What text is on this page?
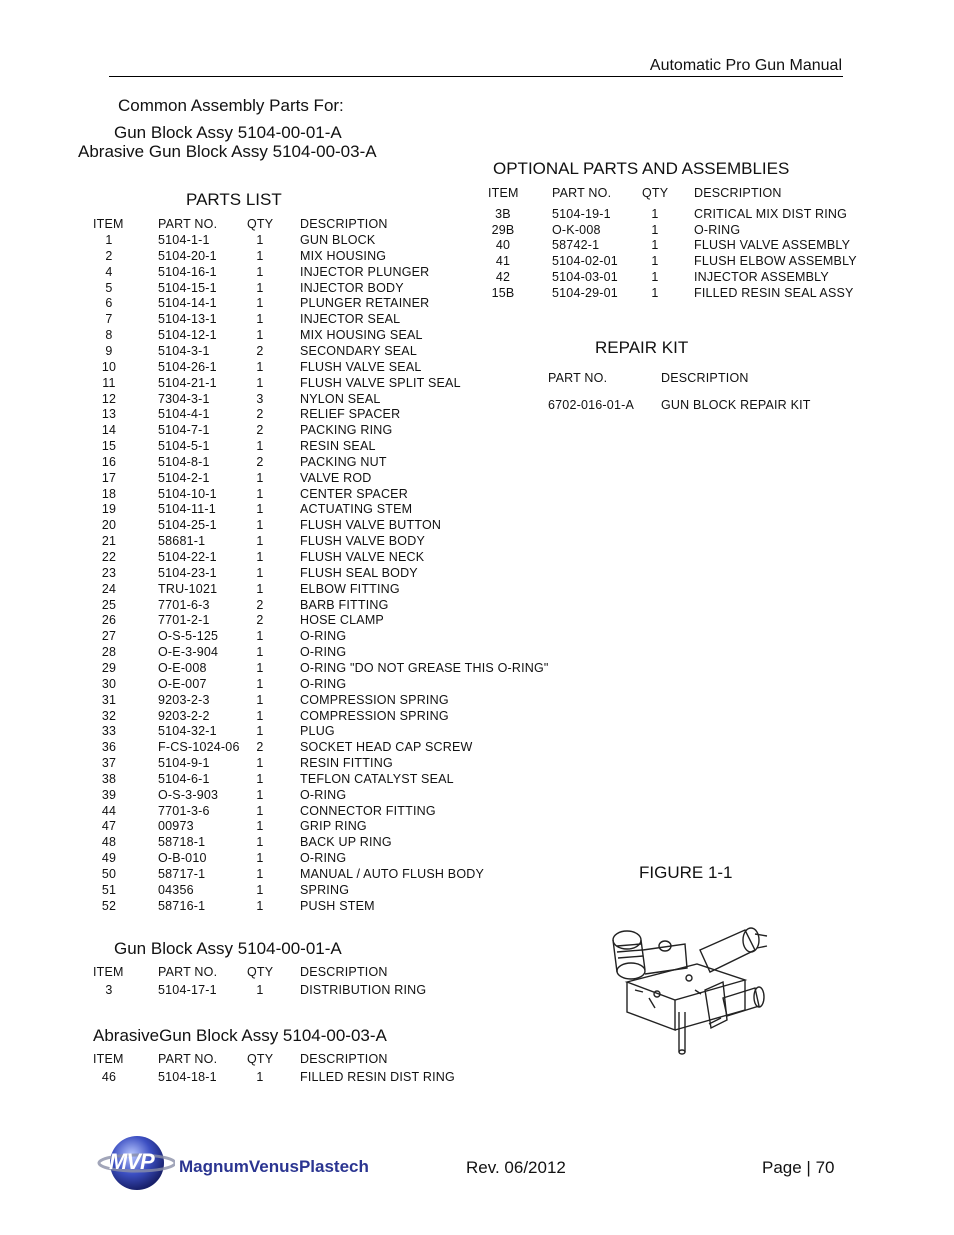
Automatic Pro Gun Manual
Common Assembly Parts For:
Gun Block Assy 5104-00-01-A
Abrasive Gun Block Assy 5104-00-03-A
PARTS LIST
ITEM	PART NO. QTY DESCRIPTION
1	5104-1-1	1	GUN BLOCK
2	5104-20-1	1	MIX HOUSING
4	5104-16-1	1	INJECTOR PLUNGER
5	5104-15-1	1	INJECTOR BODY
6	5104-14-1	1	PLUNGER RETAINER
7	5104-13-1	1	INJECTOR SEAL
8	5104-12-1	1	MIX HOUSING SEAL
9	5104-3-1	2	SECONDARY SEAL
10	5104-26-1	1	FLUSH VALVE SEAL
11	5104-21-1	1	FLUSH VALVE SPLIT SEAL
12	7304-3-1	3	NYLON SEAL
13	5104-4-1	2	RELIEF SPACER
14	5104-7-1	2	PACKING RING
15	5104-5-1	1	RESIN SEAL
16	5104-8-1	2	PACKING NUT
17	5104-2-1	1	VALVE ROD
18	5104-10-1	1	CENTER SPACER
19	5104-11-1	1	ACTUATING STEM
20	5104-25-1	1	FLUSH VALVE BUTTON
21	58681-1	1	FLUSH VALVE BODY
22	5104-22-1	1	FLUSH VALVE NECK
23	5104-23-1	1	FLUSH SEAL BODY
24	TRU-1021	1	ELBOW FITTING
25	7701-6-3	2	BARB FITTING
26	7701-2-1	2	HOSE CLAMP
27	O-S-5-125	1	O-RING
28	O-E-3-904	1	O-RING
29	O-E-008	1	O-RING "DO NOT GREASE THIS O-RING"
30	O-E-007	1	O-RING
31	9203-2-3	1	COMPRESSION SPRING
32	9203-2-2	1	COMPRESSION SPRING
33	5104-32-1	1	PLUG
36	F-CS-1024-06	2	SOCKET HEAD CAP SCREW
37	5104-9-1	1	RESIN FITTING
38	5104-6-1	1	TEFLON CATALYST SEAL
39	O-S-3-903	1	O-RING
44	7701-3-6	1	CONNECTOR FITTING
47	00973	1	GRIP RING
48	58718-1	1	BACK UP RING
49	O-B-010	1	O-RING
50	58717-1	1	MANUAL / AUTO FLUSH BODY
51	04356	1	SPRING
52	58716-1	1	PUSH STEM
OPTIONAL PARTS AND ASSEMBLIES
ITEM	PART NO. QTY DESCRIPTION
3B	5104-19-1	1	CRITICAL MIX DIST RING
29B	O-K-008	1	O-RING
40	58742-1	1	FLUSH VALVE ASSEMBLY
41	5104-02-01	1	FLUSH ELBOW ASSEMBLY
42	5104-03-01	1	INJECTOR ASSEMBLY
15B	5104-29-01	1	FILLED RESIN SEAL ASSY
REPAIR KIT
PART NO.	DESCRIPTION
6702-016-01-A GUN BLOCK REPAIR KIT
Gun Block Assy 5104-00-01-A
ITEM	PART NO. QTY DESCRIPTION
3	5104-17-1	1	DISTRIBUTION RING
AbrasiveGun Block Assy 5104-00-03-A
ITEM	PART NO. QTY DESCRIPTION
46	5104-18-1	1	FILLED RESIN DIST RING
FIGURE 1-1
MVP MagnumVenusPlastech	Rev. 06/2012	Page | 70
